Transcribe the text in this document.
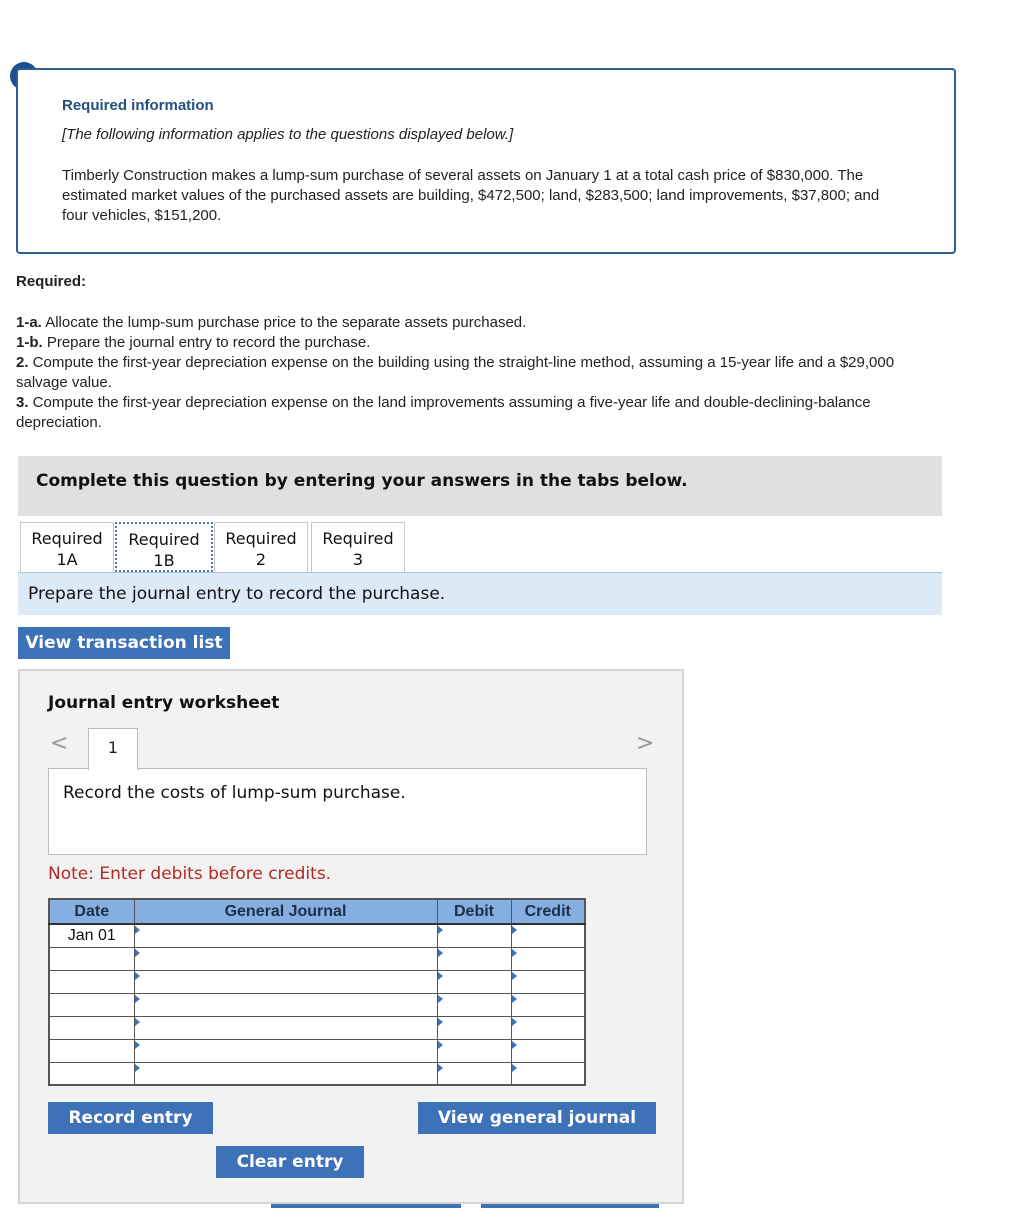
Required information
[The following information applies to the questions displayed below.]
Timberly Construction makes a lump-sum purchase of several assets on January 1 at a total cash price of $830,000. The estimated market values of the purchased assets are building, $472,500; land, $283,500; land improvements, $37,800; and four vehicles, $151,200.
Required:

1-a. Allocate the lump-sum purchase price to the separate assets purchased.

1-b. Prepare the journal entry to record the purchase.

2. Compute the first-year depreciation expense on the building using the straight-line method, assuming a 15-year life and a $29,000 salvage value.

3. Compute the first-year depreciation expense on the land improvements assuming a five-year life and double-declining-balance depreciation.

Complete this question by entering your answers in the tabs below.
Required
1A
Required
1B
Required
2
Required
3
Prepare the journal entry to record the purchase.
View transaction list
Journal entry worksheet
<	>
1
Record the costs of lump-sum purchase.
Note: Enter debits before credits.
Date	General Journal	Debit	Credit
Jan 01	

Record entry	View general journal
Clear entry
